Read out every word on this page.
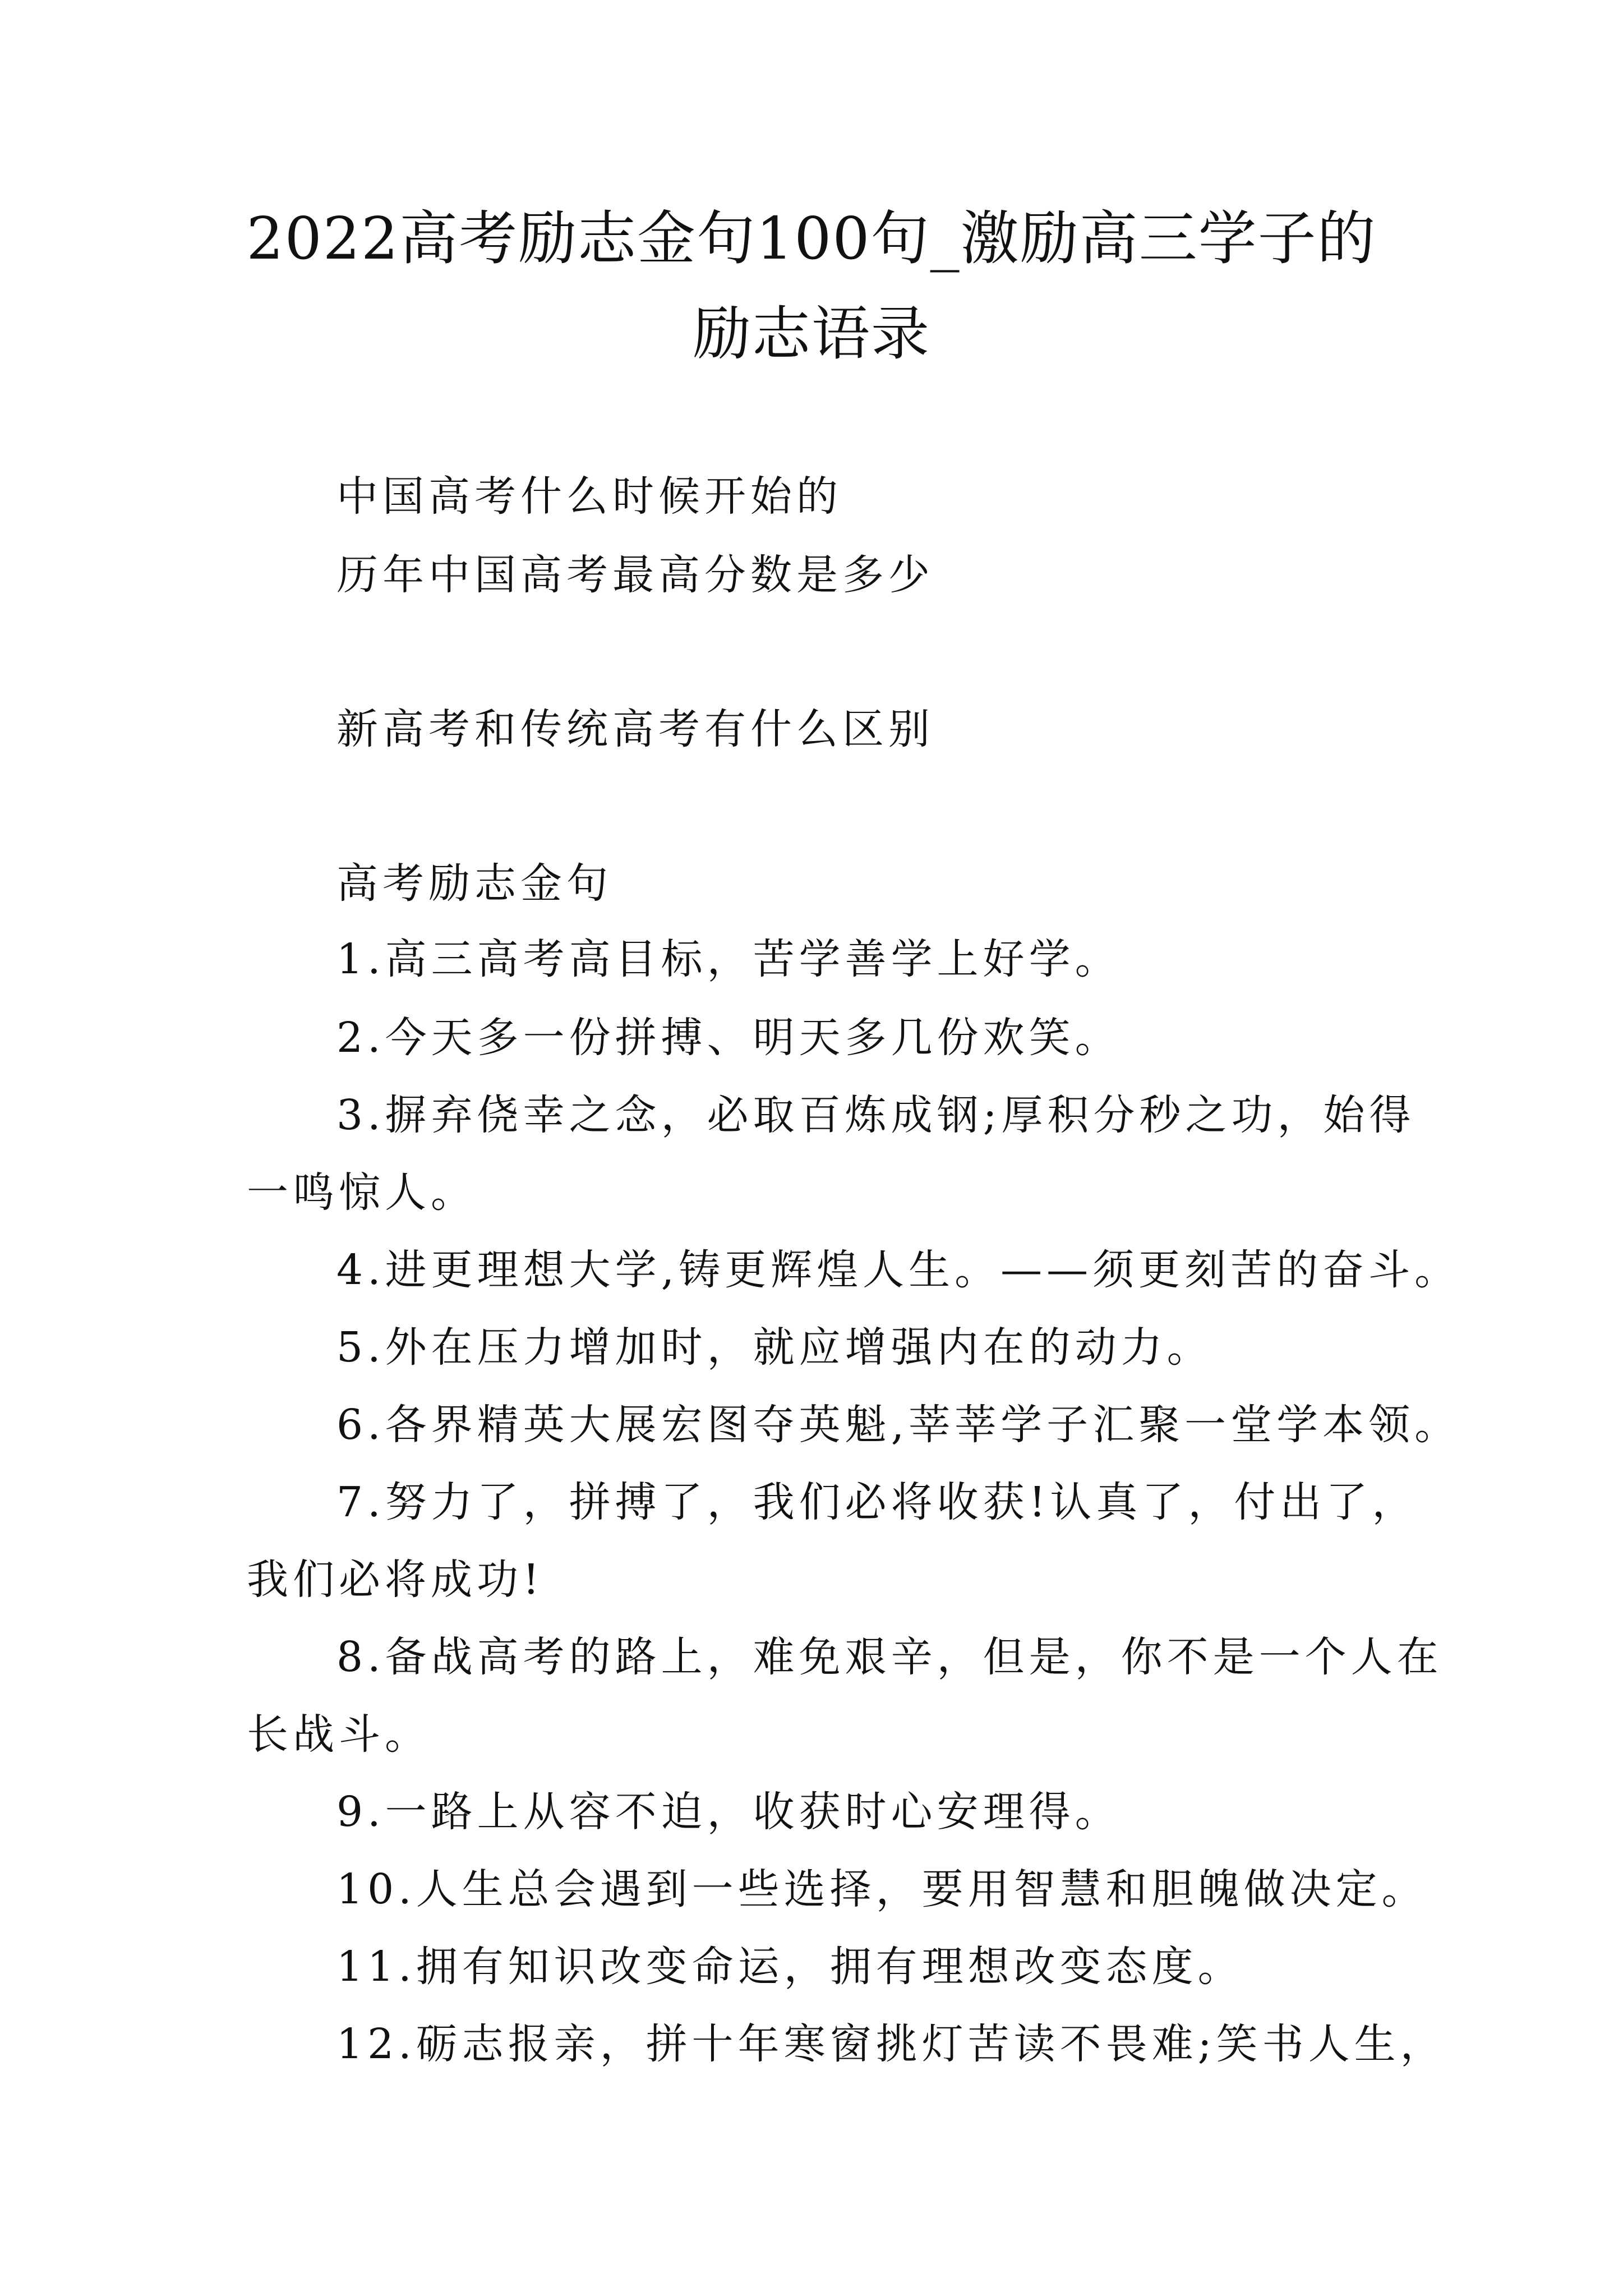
2022高考励志金句100句_激励高三学子的
励志语录

中国高考什么时候开始的

历年中国高考最高分数是多少

新高考和传统高考有什么区别

高考励志金句

1.高三高考高目标，苦学善学上好学。

2.今天多一份拼搏、明天多几份欢笑。

3.摒弃侥幸之念，必取百炼成钢;厚积分秒之功，始得

一鸣惊人。

4.进更理想大学,铸更辉煌人生。——须更刻苦的奋斗。

5.外在压力增加时，就应增强内在的动力。

6.各界精英大展宏图夺英魁,莘莘学子汇聚一堂学本领。

7.努力了，拼搏了，我们必将收获!认真了，付出了，

我们必将成功!

8.备战高考的路上，难免艰辛，但是，你不是一个人在

长战斗。

9.一路上从容不迫，收获时心安理得。

10.人生总会遇到一些选择，要用智慧和胆魄做决定。

11.拥有知识改变命运，拥有理想改变态度。

12.砺志报亲，拼十年寒窗挑灯苦读不畏难;笑书人生，
